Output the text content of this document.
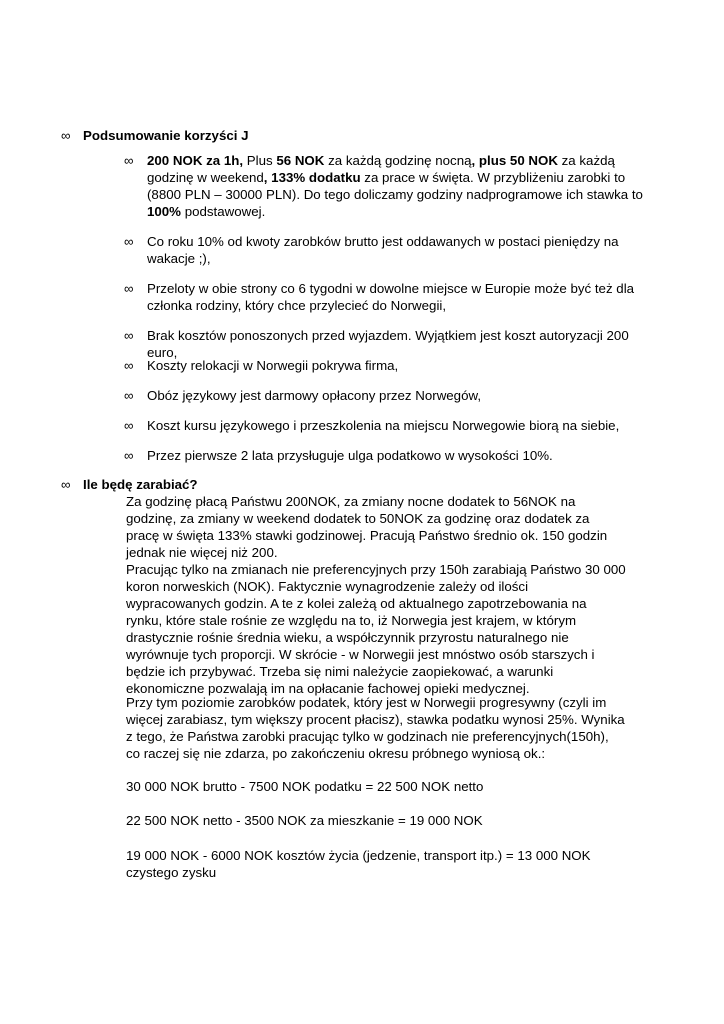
∞ Podsumowanie korzyści J
∞	200 NOK za 1h, Plus 56 NOK za każdą godzinę nocną, plus 50 NOK za każdą godzinę w weekend, 133% dodatku za prace w święta. W przybliżeniu zarobki to (8800 PLN – 30000 PLN). Do tego doliczamy godziny nadprogramowe ich stawka to 100% podstawowej.
∞	Co roku 10% od kwoty zarobków brutto jest oddawanych w postaci pieniędzy na wakacje ;),
∞	Przeloty w obie strony co 6 tygodni w dowolne miejsce w Europie może być też dla członka rodziny, który chce przylecieć do Norwegii,
∞	Brak kosztów ponoszonych przed wyjazdem. Wyjątkiem jest koszt autoryzacji 200 euro,
∞	Koszty relokacji w Norwegii pokrywa firma,
∞	Obóz językowy jest darmowy opłacony przez Norwegów,
∞	Koszt kursu językowego i przeszkolenia na miejscu Norwegowie biorą na siebie,
∞	Przez pierwsze 2 lata przysługuje ulga podatkowo w wysokości 10%.
∞ Ile będę zarabiać?
Za godzinę płacą Państwu 200NOK, za zmiany nocne dodatek to 56NOK na godzinę, za zmiany w weekend dodatek to 50NOK za godzinę oraz dodatek za pracę w święta 133% stawki godzinowej. Pracują Państwo średnio ok. 150 godzin jednak nie więcej niż 200.
Pracując tylko na zmianach nie preferencyjnych przy 150h zarabiają Państwo 30 000 koron norweskich (NOK). Faktycznie wynagrodzenie zależy od ilości wypracowanych godzin. A te z kolei zależą od aktualnego zapotrzebowania na rynku, które stale rośnie ze względu na to, iż Norwegia jest krajem, w którym drastycznie rośnie średnia wieku, a współczynnik przyrostu naturalnego nie wyrównuje tych proporcji. W skrócie - w Norwegii jest mnóstwo osób starszych i będzie ich przybywać. Trzeba się nimi należycie zaopiekować, a warunki ekonomiczne pozwalają im na opłacanie fachowej opieki medycznej.
Przy tym poziomie zarobków podatek, który jest w Norwegii progresywny (czyli im więcej zarabiasz, tym większy procent płacisz), stawka podatku wynosi 25%. Wynika z tego, że Państwa zarobki pracując tylko w godzinach nie preferencyjnych(150h), co raczej się nie zdarza, po zakończeniu okresu próbnego wyniosą ok.:
30 000 NOK brutto - 7500 NOK podatku = 22 500 NOK netto
22 500 NOK netto - 3500 NOK za mieszkanie = 19 000 NOK
19 000 NOK - 6000 NOK kosztów życia (jedzenie, transport itp.) = 13 000 NOK czystego zysku
